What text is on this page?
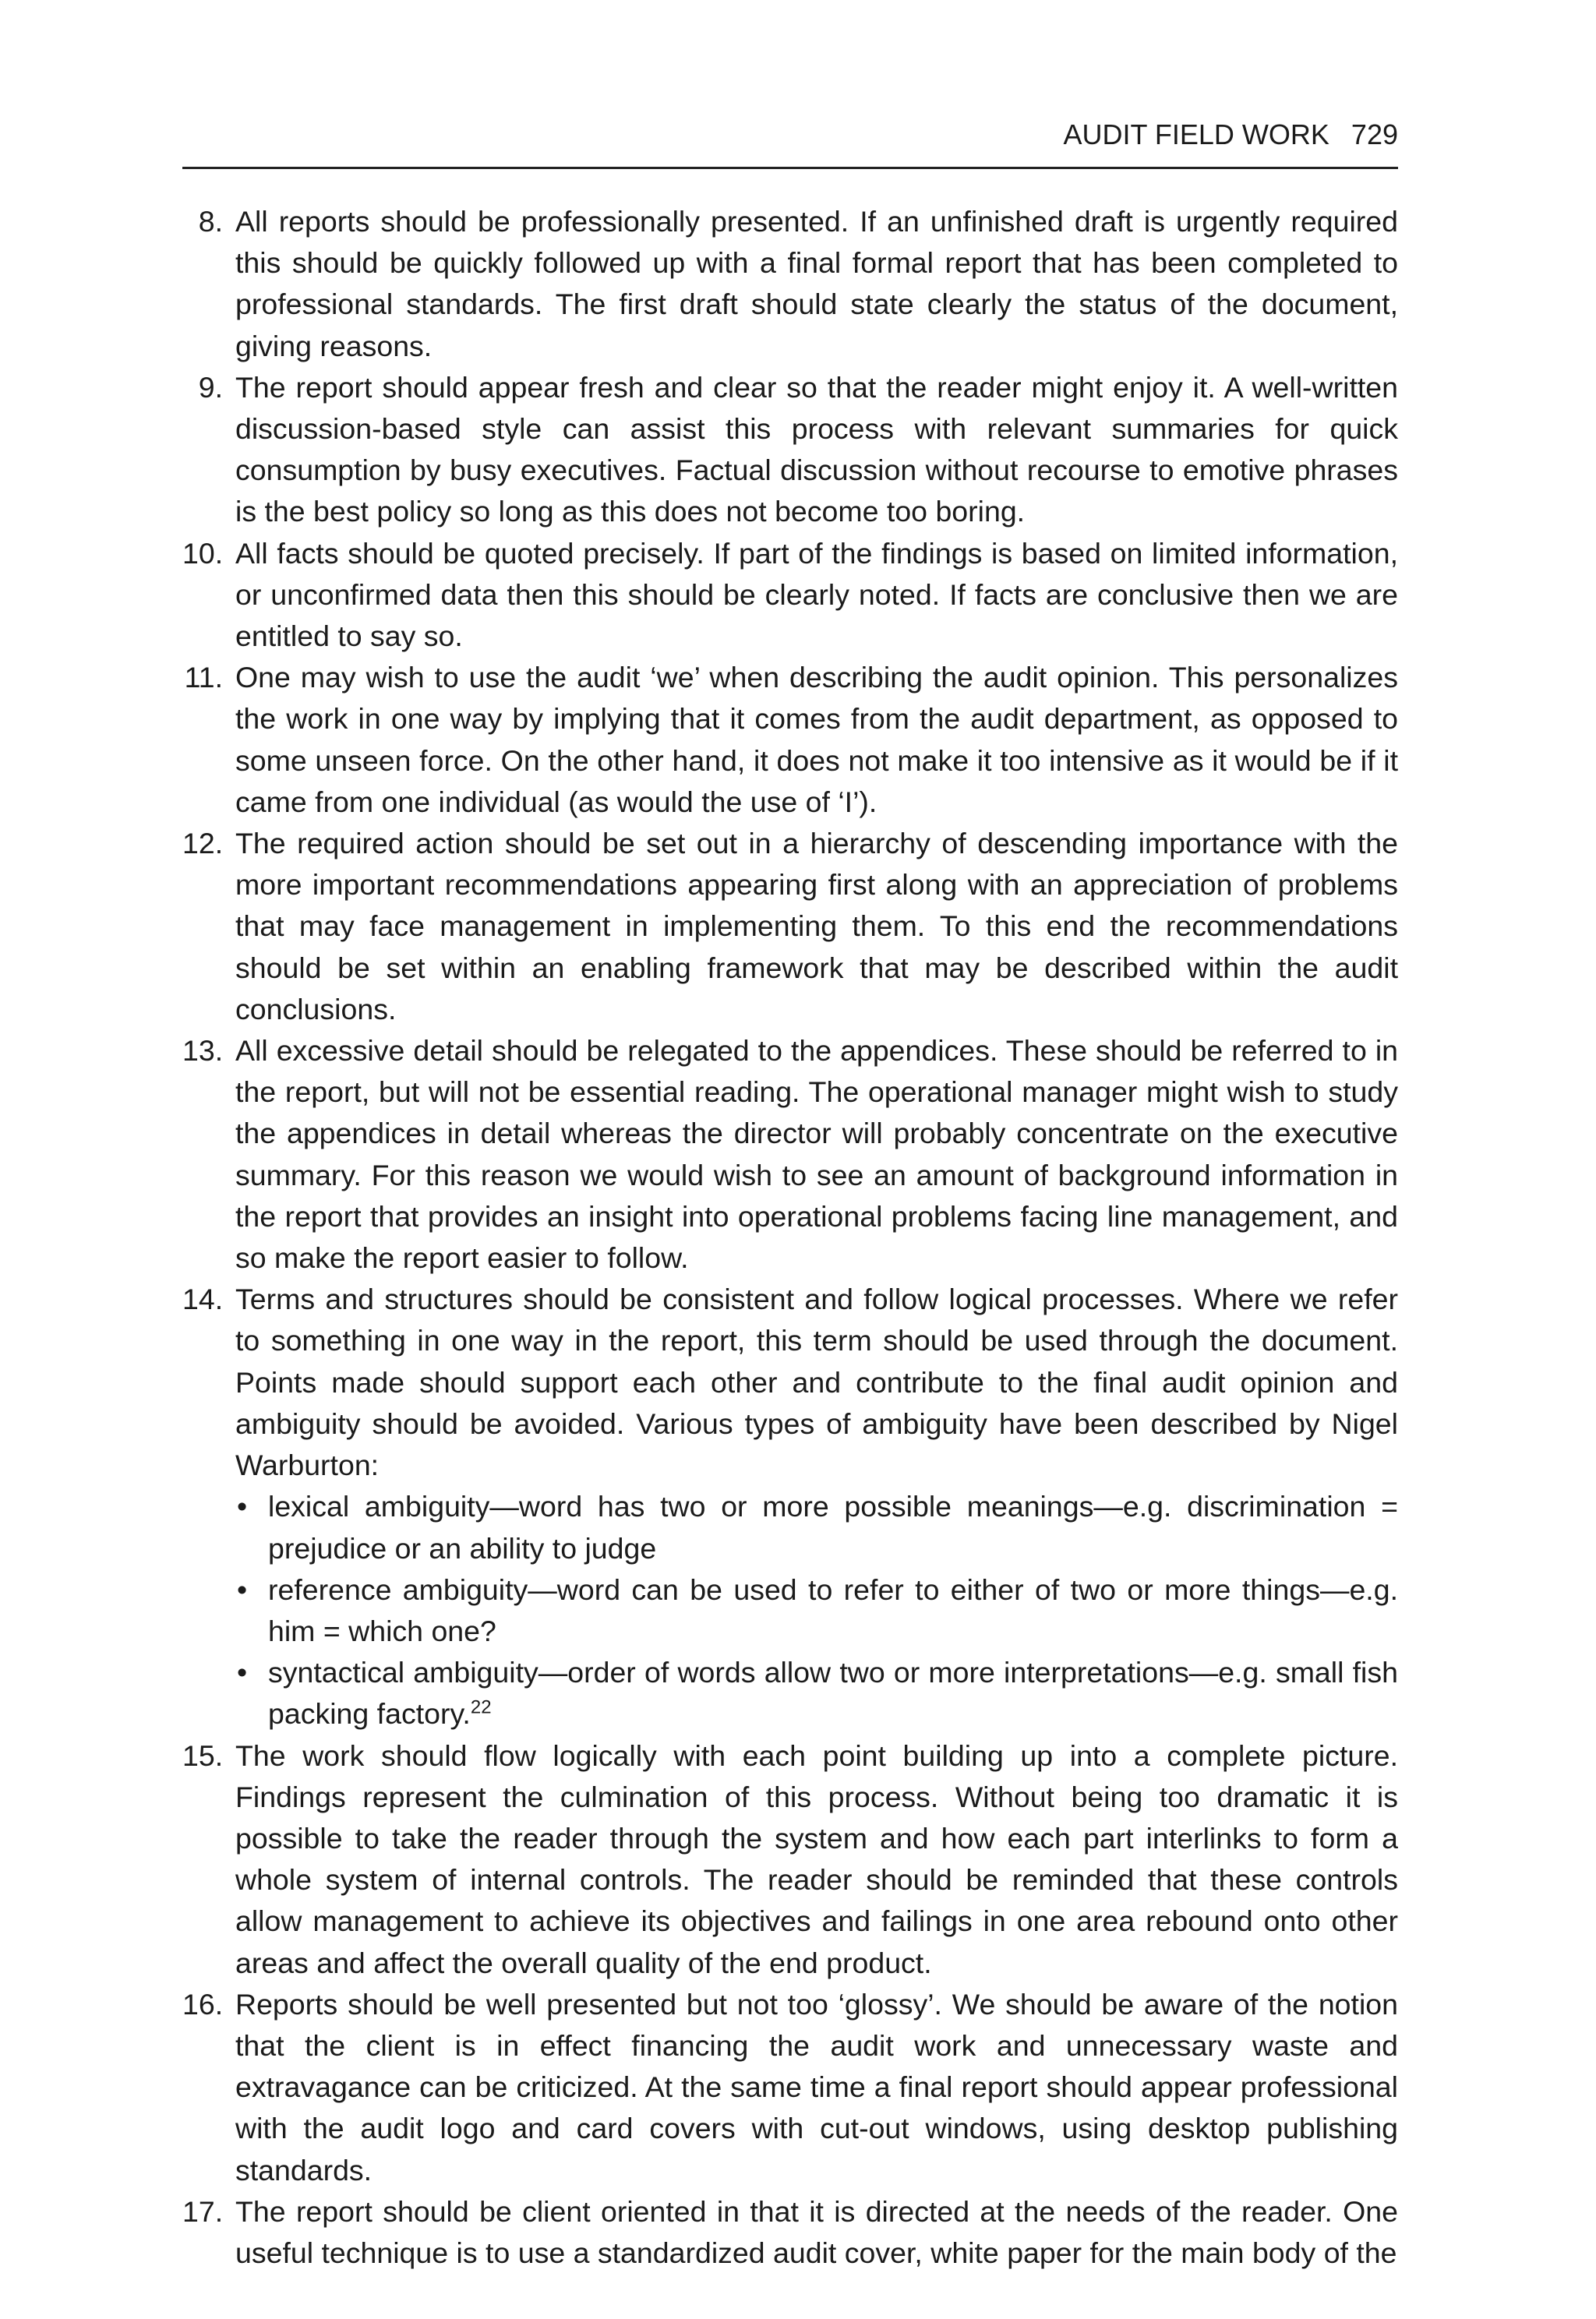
AUDIT FIELD WORK 729
8. All reports should be professionally presented. If an unfinished draft is urgently required this should be quickly followed up with a final formal report that has been completed to professional standards. The first draft should state clearly the status of the document, giving reasons.
9. The report should appear fresh and clear so that the reader might enjoy it. A well-written discussion-based style can assist this process with relevant summaries for quick consumption by busy executives. Factual discussion without recourse to emotive phrases is the best policy so long as this does not become too boring.
10. All facts should be quoted precisely. If part of the findings is based on limited information, or unconfirmed data then this should be clearly noted. If facts are conclusive then we are entitled to say so.
11. One may wish to use the audit ‘we’ when describing the audit opinion. This personalizes the work in one way by implying that it comes from the audit department, as opposed to some unseen force. On the other hand, it does not make it too intensive as it would be if it came from one individual (as would the use of ‘I’).
12. The required action should be set out in a hierarchy of descending importance with the more important recommendations appearing first along with an appreciation of problems that may face management in implementing them. To this end the recommendations should be set within an enabling framework that may be described within the audit conclusions.
13. All excessive detail should be relegated to the appendices. These should be referred to in the report, but will not be essential reading. The operational manager might wish to study the appendices in detail whereas the director will probably concentrate on the executive summary. For this reason we would wish to see an amount of background information in the report that provides an insight into operational problems facing line management, and so make the report easier to follow.
14. Terms and structures should be consistent and follow logical processes. Where we refer to something in one way in the report, this term should be used through the document. Points made should support each other and contribute to the final audit opinion and ambiguity should be avoided. Various types of ambiguity have been described by Nigel Warburton:
• lexical ambiguity—word has two or more possible meanings—e.g. discrimination = prejudice or an ability to judge
• reference ambiguity—word can be used to refer to either of two or more things—e.g. him = which one?
• syntactical ambiguity—order of words allow two or more interpretations—e.g. small fish packing factory.$^{22}$
15. The work should flow logically with each point building up into a complete picture. Findings represent the culmination of this process. Without being too dramatic it is possible to take the reader through the system and how each part interlinks to form a whole system of internal controls. The reader should be reminded that these controls allow management to achieve its objectives and failings in one area rebound onto other areas and affect the overall quality of the end product.
16. Reports should be well presented but not too ‘glossy’. We should be aware of the notion that the client is in effect financing the audit work and unnecessary waste and extravagance can be criticized. At the same time a final report should appear professional with the audit logo and card covers with cut-out windows, using desktop publishing standards.
17. The report should be client oriented in that it is directed at the needs of the reader. One useful technique is to use a standardized audit cover, white paper for the main body of the
